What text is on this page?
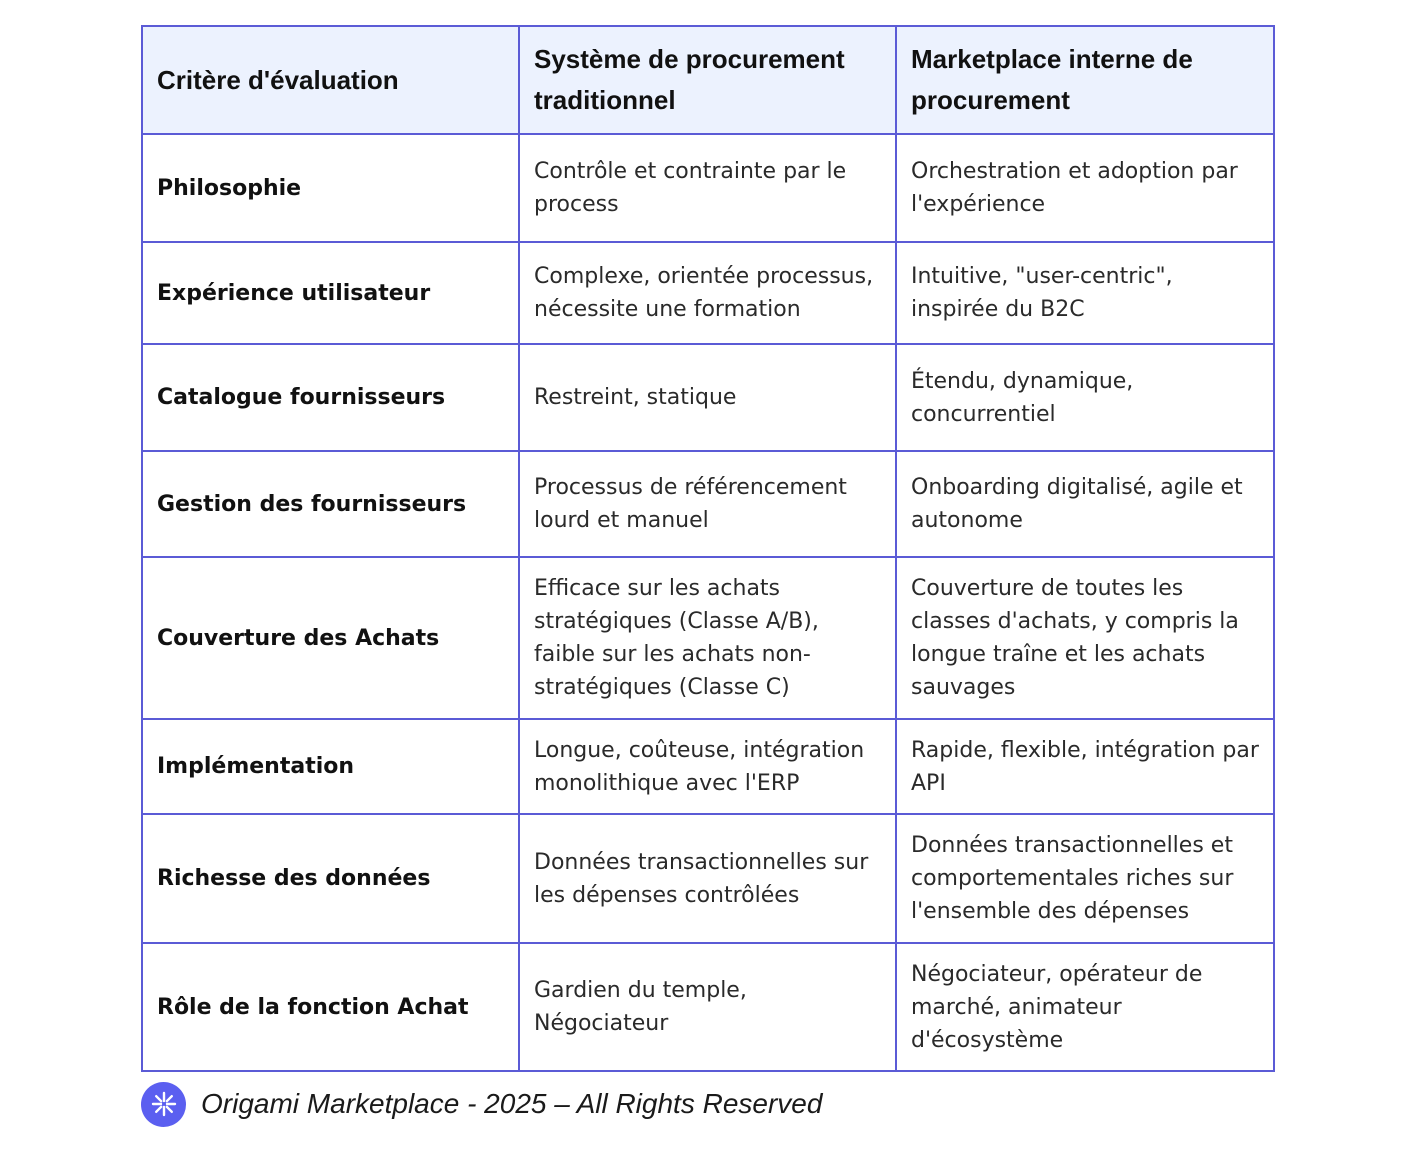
Critère d'évaluation	Système de procurement traditionnel	Marketplace interne de procurement
Philosophie	Contrôle et contrainte par le process	Orchestration et adoption par l'expérience
Expérience utilisateur	Complexe, orientée processus, nécessite une formation	Intuitive, "user-centric", inspirée du B2C
Catalogue fournisseurs	Restreint, statique	Étendu, dynamique, concurrentiel
Gestion des fournisseurs	Processus de référencement lourd et manuel	Onboarding digitalisé, agile et autonome
Couverture des Achats	Efficace sur les achats stratégiques (Classe A/B), faible sur les achats non-stratégiques (Classe C)	Couverture de toutes les classes d'achats, y compris la longue traîne et les achats sauvages
Implémentation	Longue, coûteuse, intégration monolithique avec l'ERP	Rapide, flexible, intégration par API
Richesse des données	Données transactionnelles sur les dépenses contrôlées	Données transactionnelles et comportementales riches sur l'ensemble des dépenses
Rôle de la fonction Achat	Gardien du temple, Négociateur	Négociateur, opérateur de marché, animateur d'écosystème
Origami Marketplace - 2025 – All Rights Reserved
